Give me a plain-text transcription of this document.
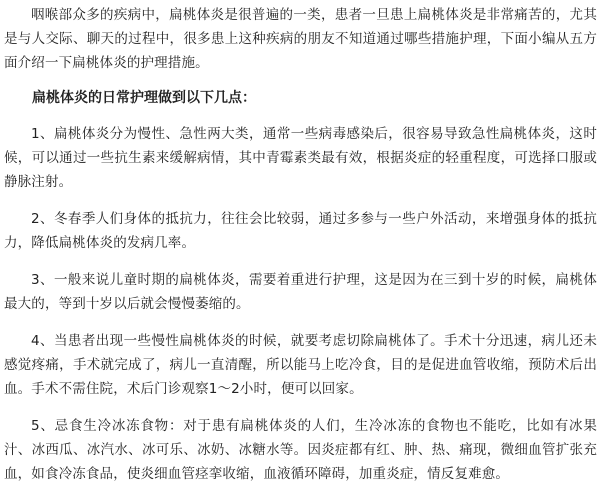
咽喉部众多的疾病中，扁桃体炎是很普遍的一类，患者一旦患上扁桃体炎是非常痛苦的，尤其是与人交际、聊天的过程中，很多患上这种疾病的朋友不知道通过哪些措施护理，下面小编从五方面介绍一下扁桃体炎的护理措施。

扁桃体炎的日常护理做到以下几点：

1、扁桃体炎分为慢性、急性两大类，通常一些病毒感染后，很容易导致急性扁桃体炎，这时候，可以通过一些抗生素来缓解病情，其中青霉素类最有效，根据炎症的轻重程度，可选择口服或静脉注射。

2、冬春季人们身体的抵抗力，往往会比较弱，通过多参与一些户外活动，来增强身体的抵抗力，降低扁桃体炎的发病几率。

3、一般来说儿童时期的扁桃体炎，需要着重进行护理，这是因为在三到十岁的时候，扁桃体最大的，等到十岁以后就会慢慢萎缩的。

4、当患者出现一些慢性扁桃体炎的时候，就要考虑切除扁桃体了。手术十分迅速，病儿还未感觉疼痛，手术就完成了，病儿一直清醒，所以能马上吃冷食，目的是促进血管收缩，预防术后出血。手术不需住院，术后门诊观察1～2小时，便可以回家。

5、忌食生冷冰冻食物：对于患有扁桃体炎的人们，生冷冰冻的食物也不能吃，比如有冰果汁、冰西瓜、冰汽水、冰可乐、冰奶、冰糖水等。因炎症都有红、肿、热、痛现，微细血管扩张充血，如食冷冻食品，使炎细血管痉挛收缩，血液循环障碍，加重炎症，情反复难愈。
